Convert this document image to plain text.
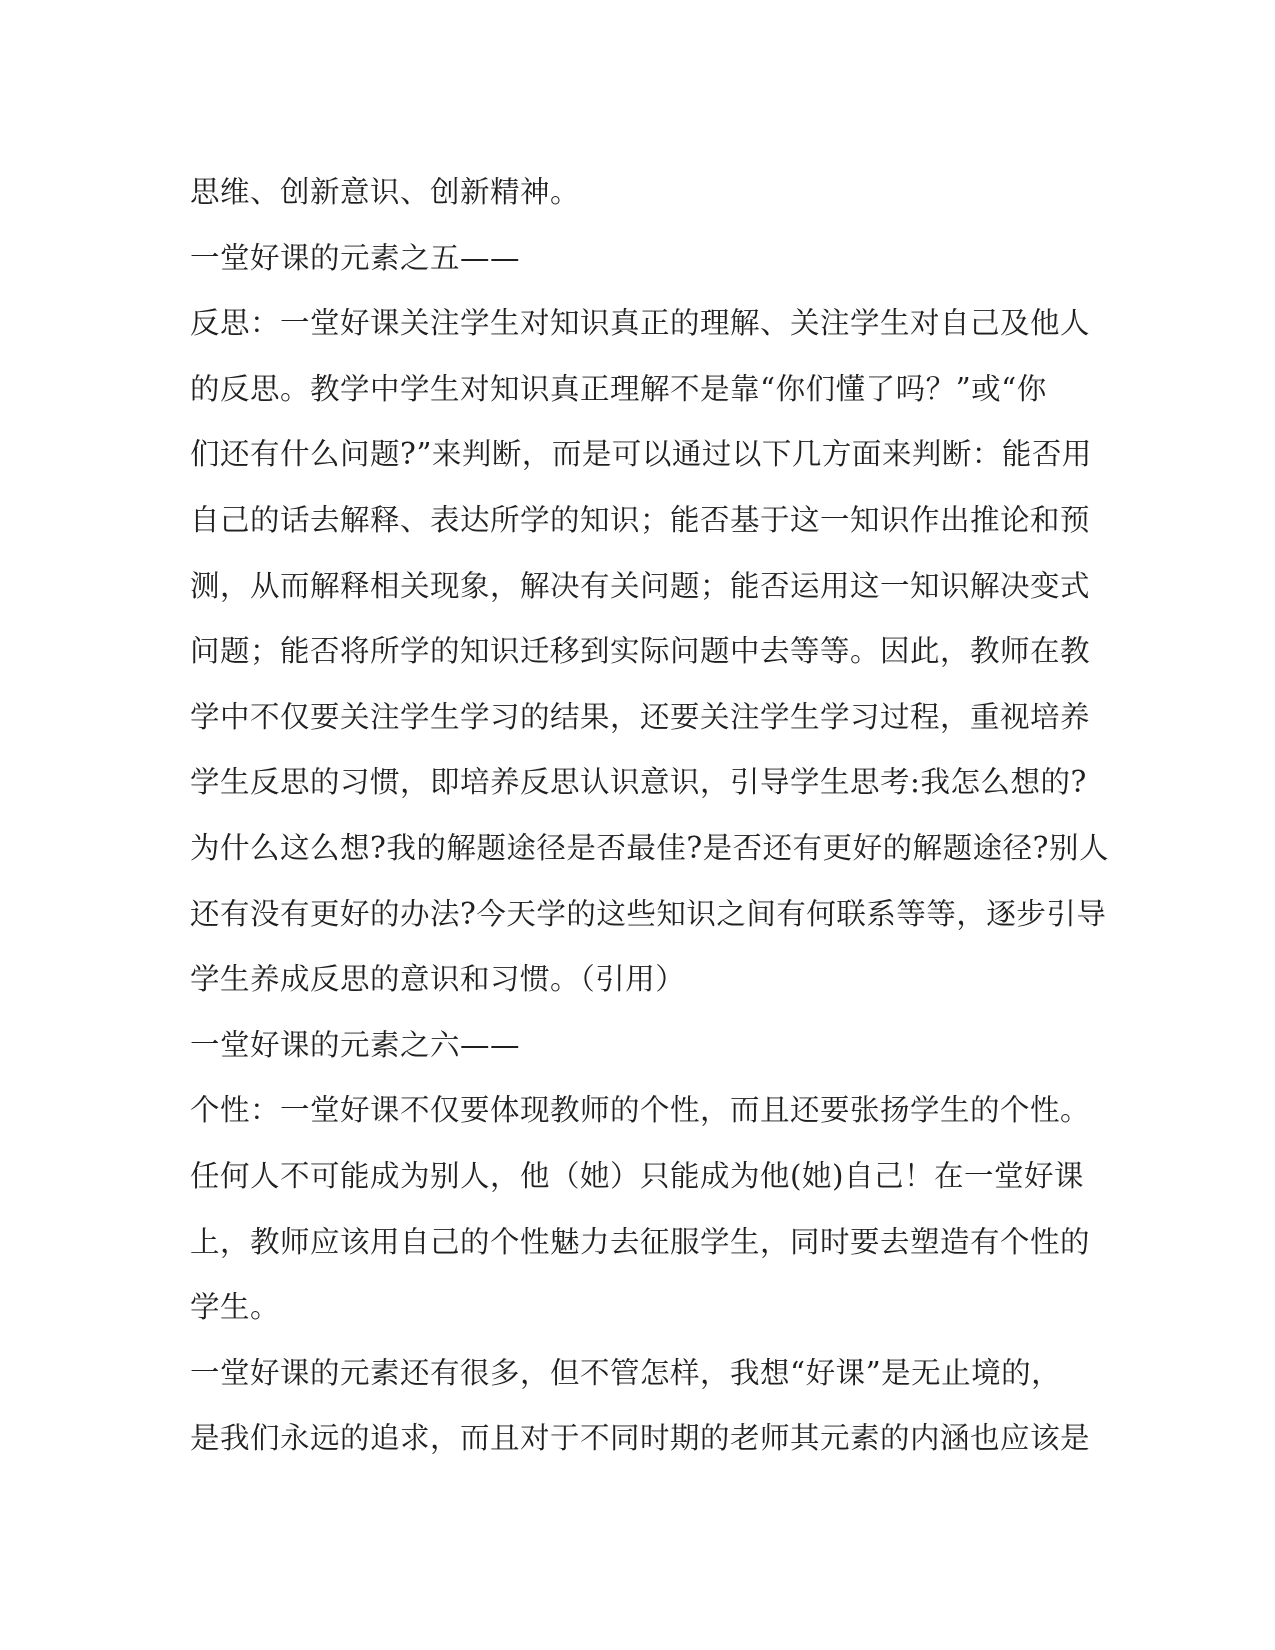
思维、创新意识、创新精神。
一堂好课的元素之五——
反思：一堂好课关注学生对知识真正的理解、关注学生对自己及他人
的反思。教学中学生对知识真正理解不是靠“你们懂了吗？”或“你
们还有什么问题?”来判断，而是可以通过以下几方面来判断：能否用
自己的话去解释、表达所学的知识；能否基于这一知识作出推论和预
测，从而解释相关现象，解决有关问题；能否运用这一知识解决变式
问题；能否将所学的知识迁移到实际问题中去等等。因此，教师在教
学中不仅要关注学生学习的结果，还要关注学生学习过程，重视培养
学生反思的习惯，即培养反思认识意识，引导学生思考:我怎么想的?
为什么这么想?我的解题途径是否最佳?是否还有更好的解题途径?别人
还有没有更好的办法?今天学的这些知识之间有何联系等等，逐步引导
学生养成反思的意识和习惯。（引用）
一堂好课的元素之六——
个性：一堂好课不仅要体现教师的个性，而且还要张扬学生的个性。
任何人不可能成为别人，他（她）只能成为他(她)自己！在一堂好课
上，教师应该用自己的个性魅力去征服学生，同时要去塑造有个性的
学生。
一堂好课的元素还有很多，但不管怎样，我想“好课”是无止境的，
是我们永远的追求，而且对于不同时期的老师其元素的内涵也应该是
